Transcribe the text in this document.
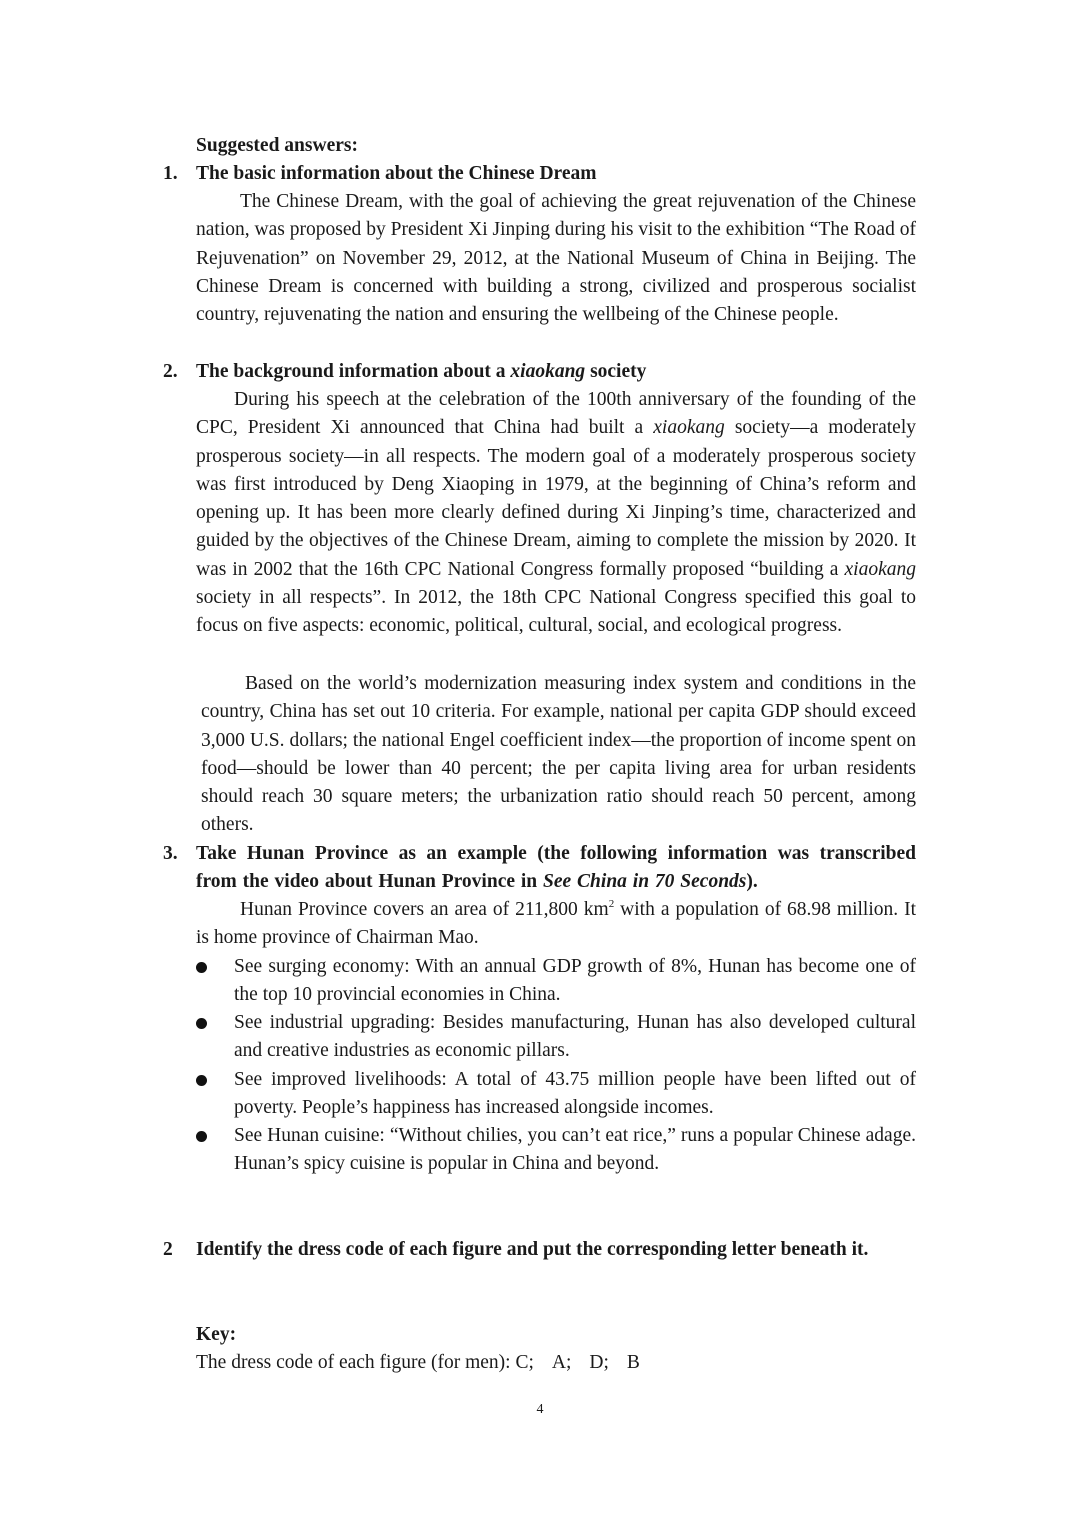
Suggested answers:
1. The basic information about the Chinese Dream
The Chinese Dream, with the goal of achieving the great rejuvenation of the Chinese nation, was proposed by President Xi Jinping during his visit to the exhibition “The Road of Rejuvenation” on November 29, 2012, at the National Museum of China in Beijing. The Chinese Dream is concerned with building a strong, civilized and prosperous socialist country, rejuvenating the nation and ensuring the wellbeing of the Chinese people.
2. The background information about a xiaokang society
During his speech at the celebration of the 100th anniversary of the founding of the CPC, President Xi announced that China had built a xiaokang society—a moderately prosperous society—in all respects. The modern goal of a moderately prosperous society was first introduced by Deng Xiaoping in 1979, at the beginning of China’s reform and opening up. It has been more clearly defined during Xi Jinping’s time, characterized and guided by the objectives of the Chinese Dream, aiming to complete the mission by 2020. It was in 2002 that the 16th CPC National Congress formally proposed “building a xiaokang society in all respects”. In 2012, the 18th CPC National Congress specified this goal to focus on five aspects: economic, political, cultural, social, and ecological progress.
Based on the world’s modernization measuring index system and conditions in the country, China has set out 10 criteria. For example, national per capita GDP should exceed 3,000 U.S. dollars; the national Engel coefficient index—the proportion of income spent on food—should be lower than 40 percent; the per capita living area for urban residents should reach 30 square meters; the urbanization ratio should reach 50 percent, among others.
3. Take Hunan Province as an example (the following information was transcribed from the video about Hunan Province in See China in 70 Seconds).
Hunan Province covers an area of 211,800 $km^2$ with a population of 68.98 million. It is home province of Chairman Mao.
See surging economy: With an annual GDP growth of 8%, Hunan has become one of the top 10 provincial economies in China.
See industrial upgrading: Besides manufacturing, Hunan has also developed cultural and creative industries as economic pillars.
See improved livelihoods: A total of 43.75 million people have been lifted out of poverty. People’s happiness has increased alongside incomes.
See Hunan cuisine: “Without chilies, you can’t eat rice,” runs a popular Chinese adage. Hunan’s spicy cuisine is popular in China and beyond.
2 Identify the dress code of each figure and put the corresponding letter beneath it.
Key:
The dress code of each figure (for men): C; A; D; B
4
